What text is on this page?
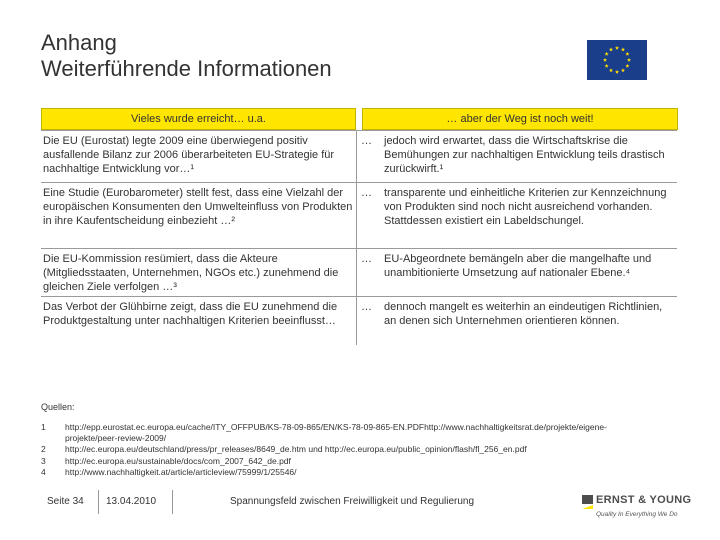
Anhang
Weiterführende Informationen
Vieles wurde erreicht… u.a.	… aber der Weg ist noch weit!
Die EU (Eurostat) legte 2009 eine überwiegend positiv ausfallende Bilanz zur 2006 überarbeiteten EU-Strategie für nachhaltige Entwicklung vor…¹
… jedoch wird erwartet, dass die Wirtschaftskrise die Bemühungen zur nachhaltigen Entwicklung teils drastisch zurückwirft.¹
Eine Studie (Eurobarometer) stellt fest, dass eine Vielzahl der europäischen Konsumenten den Umwelteinfluss von Produkten in ihre Kaufentscheidung einbezieht …²
… transparente und einheitliche Kriterien zur Kennzeichnung von Produkten sind noch nicht ausreichend vorhanden. Stattdessen existiert ein Labeldschungel.
Die EU-Kommission resümiert, dass die Akteure (Mitgliedsstaaten, Unternehmen, NGOs etc.) zunehmend die gleichen Ziele verfolgen …³
… EU-Abgeordnete bemängeln aber die mangelhafte und unambitionierte Umsetzung auf nationaler Ebene.⁴
Das Verbot der Glühbirne zeigt, dass die EU zunehmend die Produktgestaltung unter nachhaltigen Kriterien beeinflusst…
… dennoch mangelt es weiterhin an eindeutigen Richtlinien, an denen sich Unternehmen orientieren können.
Quellen:
1 http://epp.eurostat.ec.europa.eu/cache/ITY_OFFPUB/KS-78-09-865/EN/KS-78-09-865-EN.PDFhttp://www.nachhaltigkeitsrat.de/projekte/eigene-projekte/peer-review-2009/
2 http://ec.europa.eu/deutschland/press/pr_releases/8649_de.htm und http://ec.europa.eu/public_opinion/flash/fl_256_en.pdf
3 http://ec.europa.eu/sustainable/docs/com_2007_642_de.pdf
4 http://www.nachhaltigkeit.at/article/articleview/75999/1/25546/
Seite 34 13.04.2010	Spannungsfeld zwischen Freiwilligkeit und Regulierung	ERNST & YOUNG
Quality In Everything We Do
